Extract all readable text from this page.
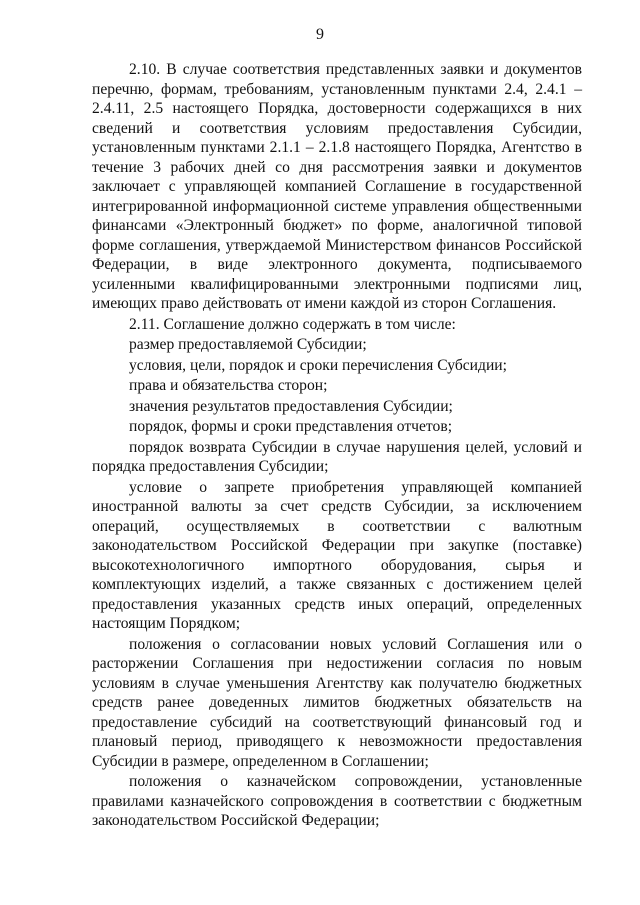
9

2.10. В случае соответствия представленных заявки и документов перечню, формам, требованиям, установленным пунктами 2.4, 2.4.1 – 2.4.11, 2.5 настоящего Порядка, достоверности содержащихся в них сведений и соответствия условиям предоставления Субсидии, установленным пунктами 2.1.1 – 2.1.8 настоящего Порядка, Агентство в течение 3 рабочих дней со дня рассмотрения заявки и документов заключает с управляющей компанией Соглашение в государственной интегрированной информационной системе управления общественными финансами «Электронный бюджет» по форме, аналогичной типовой форме соглашения, утверждаемой Министерством финансов Российской Федерации, в виде электронного документа, подписываемого усиленными квалифицированными электронными подписями лиц, имеющих право действовать от имени каждой из сторон Соглашения.

2.11. Соглашение должно содержать в том числе:

размер предоставляемой Субсидии;

условия, цели, порядок и сроки перечисления Субсидии;

права и обязательства сторон;

значения результатов предоставления Субсидии;

порядок, формы и сроки представления отчетов;

порядок возврата Субсидии в случае нарушения целей, условий и порядка предоставления Субсидии;

условие о запрете приобретения управляющей компанией иностранной валюты за счет средств Субсидии, за исключением операций, осуществляемых в соответствии с валютным законодательством Российской Федерации при закупке (поставке) высокотехнологичного импортного оборудования, сырья и комплектующих изделий, а также связанных с достижением целей предоставления указанных средств иных операций, определенных настоящим Порядком;

положения о согласовании новых условий Соглашения или о расторжении Соглашения при недостижении согласия по новым условиям в случае уменьшения Агентству как получателю бюджетных средств ранее доведенных лимитов бюджетных обязательств на предоставление субсидий на соответствующий финансовый год и плановый период, приводящего к невозможности предоставления Субсидии в размере, определенном в Соглашении;

положения о казначейском сопровождении, установленные правилами казначейского сопровождения в соответствии с бюджетным законодательством Российской Федерации;
